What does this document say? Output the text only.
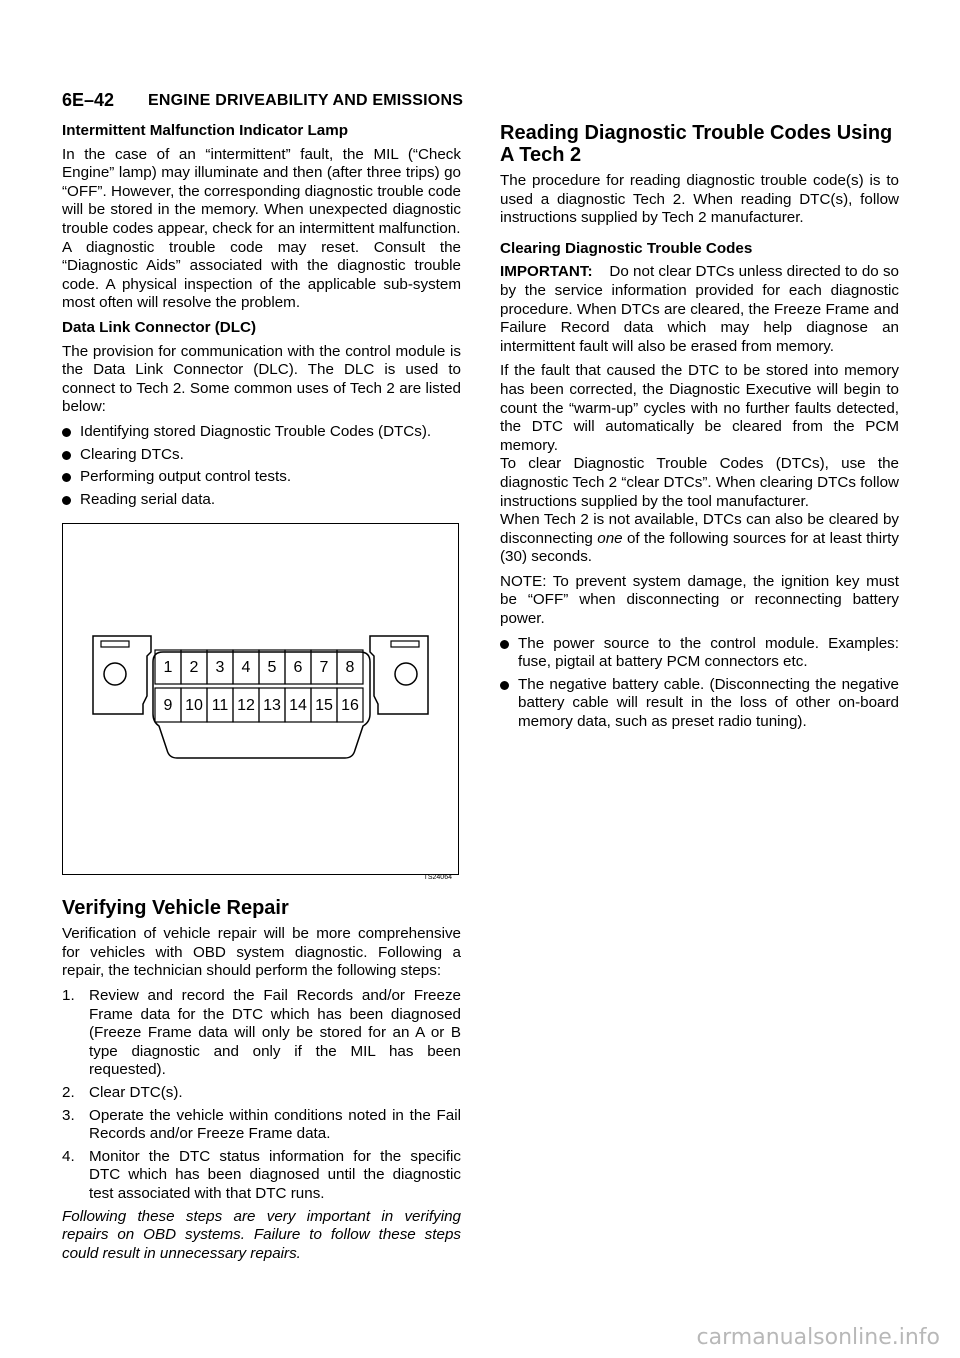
6E–42 ENGINE DRIVEABILITY AND EMISSIONS
Intermittent Malfunction Indicator Lamp

In the case of an “intermittent” fault, the MIL (“Check Engine” lamp) may illuminate and then (after three trips) go “OFF”. However, the corresponding diagnostic trouble code will be stored in the memory. When unexpected diagnostic trouble codes appear, check for an intermittent malfunction.

A diagnostic trouble code may reset. Consult the “Diagnostic Aids” associated with the diagnostic trouble code. A physical inspection of the applicable sub-system most often will resolve the problem.

Data Link Connector (DLC)

The provision for communication with the control module is the Data Link Connector (DLC). The DLC is used to connect to Tech 2. Some common uses of Tech 2 are listed below:

Identifying stored Diagnostic Trouble Codes (DTCs).
Clearing DTCs.
Performing output control tests.
Reading serial data.
1 2 3 4 5 6 7 8
9 10 11 12 13 14 15 16
TS24064
Verifying Vehicle Repair

Verification of vehicle repair will be more comprehensive for vehicles with OBD system diagnostic. Following a repair, the technician should perform the following steps:

1. Review and record the Fail Records and/or Freeze Frame data for the DTC which has been diagnosed (Freeze Frame data will only be stored for an A or B type diagnostic and only if the MIL has been requested).
2. Clear DTC(s).
3. Operate the vehicle within conditions noted in the Fail Records and/or Freeze Frame data.
4. Monitor the DTC status information for the specific DTC which has been diagnosed until the diagnostic test associated with that DTC runs.

Following these steps are very important in verifying repairs on OBD systems. Failure to follow these steps could result in unnecessary repairs.

Reading Diagnostic Trouble Codes Using A Tech 2

The procedure for reading diagnostic trouble code(s) is to used a diagnostic Tech 2. When reading DTC(s), follow instructions supplied by Tech 2 manufacturer.

Clearing Diagnostic Trouble Codes

IMPORTANT: Do not clear DTCs unless directed to do so by the service information provided for each diagnostic procedure. When DTCs are cleared, the Freeze Frame and Failure Record data which may help diagnose an intermittent fault will also be erased from memory.

If the fault that caused the DTC to be stored into memory has been corrected, the Diagnostic Executive will begin to count the “warm-up” cycles with no further faults detected, the DTC will automatically be cleared from the PCM memory.

To clear Diagnostic Trouble Codes (DTCs), use the diagnostic Tech 2 “clear DTCs”. When clearing DTCs follow instructions supplied by the tool manufacturer.

When Tech 2 is not available, DTCs can also be cleared by disconnecting one of the following sources for at least thirty (30) seconds.

NOTE: To prevent system damage, the ignition key must be “OFF” when disconnecting or reconnecting battery power.

The power source to the control module. Examples: fuse, pigtail at battery PCM connectors etc.
The negative battery cable. (Disconnecting the negative battery cable will result in the loss of other on-board memory data, such as preset radio tuning).
carmanualsonline.info
